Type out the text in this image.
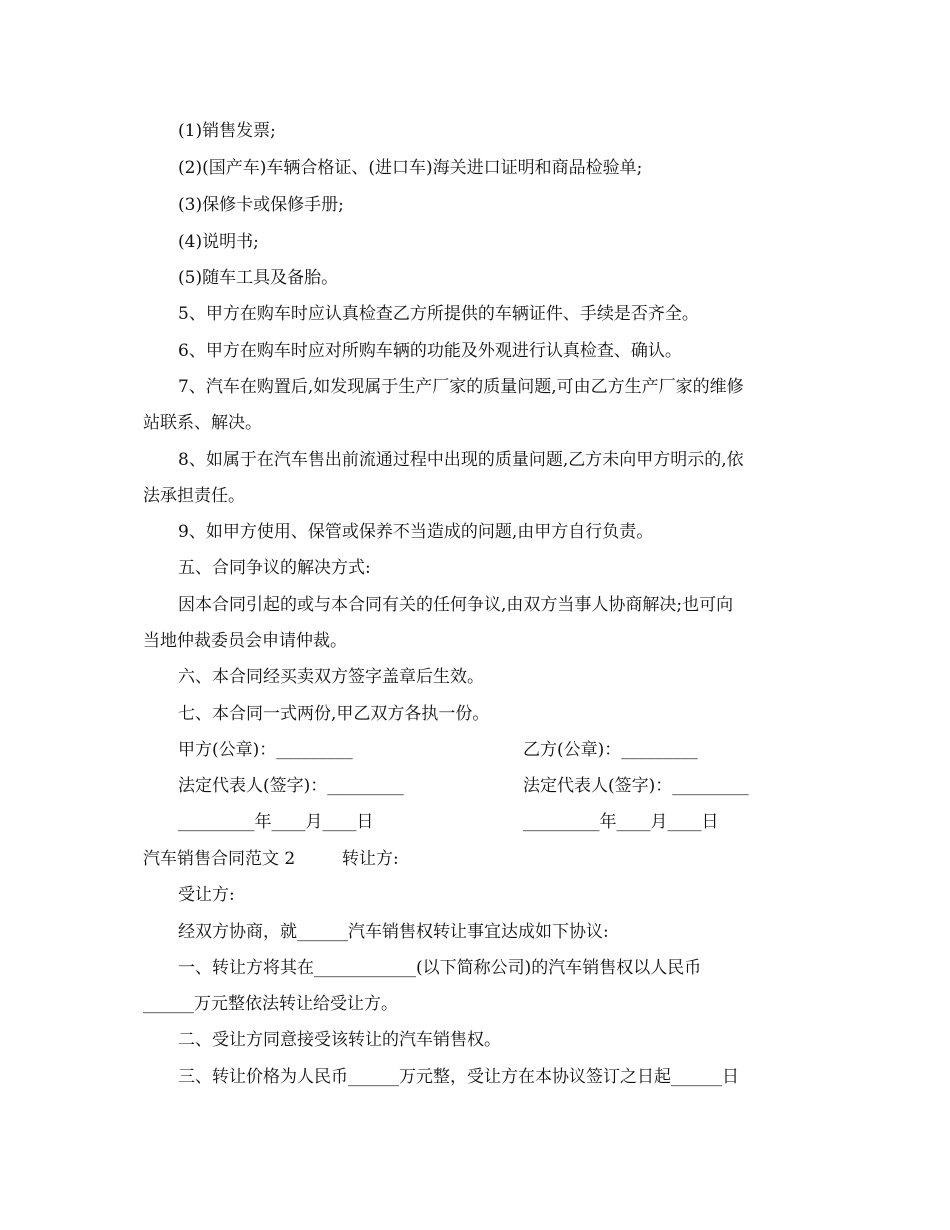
(1)销售发票;
(2)(国产车)车辆合格证、(进口车)海关进口证明和商品检验单;
(3)保修卡或保修手册;
(4)说明书;
(5)随车工具及备胎。
5、甲方在购车时应认真检查乙方所提供的车辆证件、手续是否齐全。
6、甲方在购车时应对所购车辆的功能及外观进行认真检查、确认。
7、汽车在购置后,如发现属于生产厂家的质量问题,可由乙方生产厂家的维修
站联系、解决。
8、如属于在汽车售出前流通过程中出现的质量问题,乙方未向甲方明示的,依
法承担责任。
9、如甲方使用、保管或保养不当造成的问题,由甲方自行负责。
五、合同争议的解决方式:
因本合同引起的或与本合同有关的任何争议,由双方当事人协商解决;也可向
当地仲裁委员会申请仲裁。
六、本合同经买卖双方签字盖章后生效。
七、本合同一式两份,甲乙双方各执一份。
甲方(公章)：_________	乙方(公章)：_________
法定代表人(签字)：_________	法定代表人(签字)：_________
_________年____月____日	_________年____月____日
汽车销售合同范文 2	转让方:
受让方:
经双方协商，就______汽车销售权转让事宜达成如下协议:
一、转让方将其在____________(以下简称公司)的汽车销售权以人民币
______万元整依法转让给受让方。
二、受让方同意接受该转让的汽车销售权。
三、转让价格为人民币______万元整，受让方在本协议签订之日起______日
